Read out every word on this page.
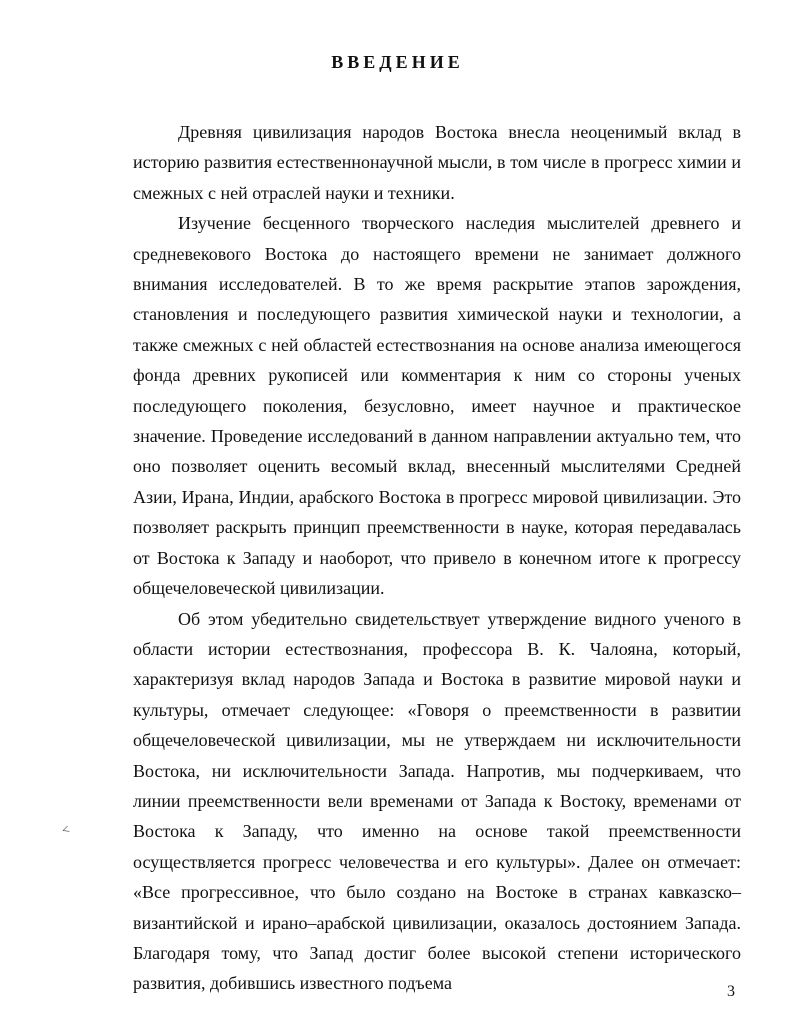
ВВЕДЕНИЕ

Древняя цивилизация народов Востока внесла неоценимый вклад в историю развития естественнонаучной мысли, в том числе в прогресс химии и смежных с ней отраслей науки и техники.

Изучение бесценного творческого наследия мыслителей древнего и средневекового Востока до настоящего времени не занимает должного внимания исследователей. В то же время раскрытие этапов зарождения, становления и последующего развития химической науки и технологии, а также смежных с ней областей естествознания на основе анализа имеющегося фонда древних рукописей или комментария к ним со стороны ученых последующего поколения, безусловно, имеет научное и практическое значение. Проведение исследований в данном направлении актуально тем, что оно позволяет оценить весомый вклад, внесенный мыслителями Средней Азии, Ирана, Индии, арабского Востока в прогресс мировой цивилизации. Это позволяет раскрыть принцип преемственности в науке, которая передавалась от Востока к Западу и наоборот, что привело в конечном итоге к прогрессу общечеловеческой цивилизации.

Об этом убедительно свидетельствует утверждение видного ученого в области истории естествознания, профессора В. К. Чалояна, который, характеризуя вклад народов Запада и Востока в развитие мировой науки и культуры, отмечает следующее: «Говоря о преемственности в развитии общечеловеческой цивилизации, мы не утверждаем ни исключительности Востока, ни исключительности Запада. Напротив, мы подчеркиваем, что линии преемственности вели временами от Запада к Востоку, временами от Востока к Западу, что именно на основе такой преемственности осуществляется прогресс человечества и его культуры». Далее он отмечает: «Все прогрессивное, что было создано на Востоке в странах кавказско–византийской и ирано–арабской цивилизации, оказалось достоянием Запада. Благодаря тому, что Запад достиг более высокой степени исторического развития, добившись известного подъема

<
3
